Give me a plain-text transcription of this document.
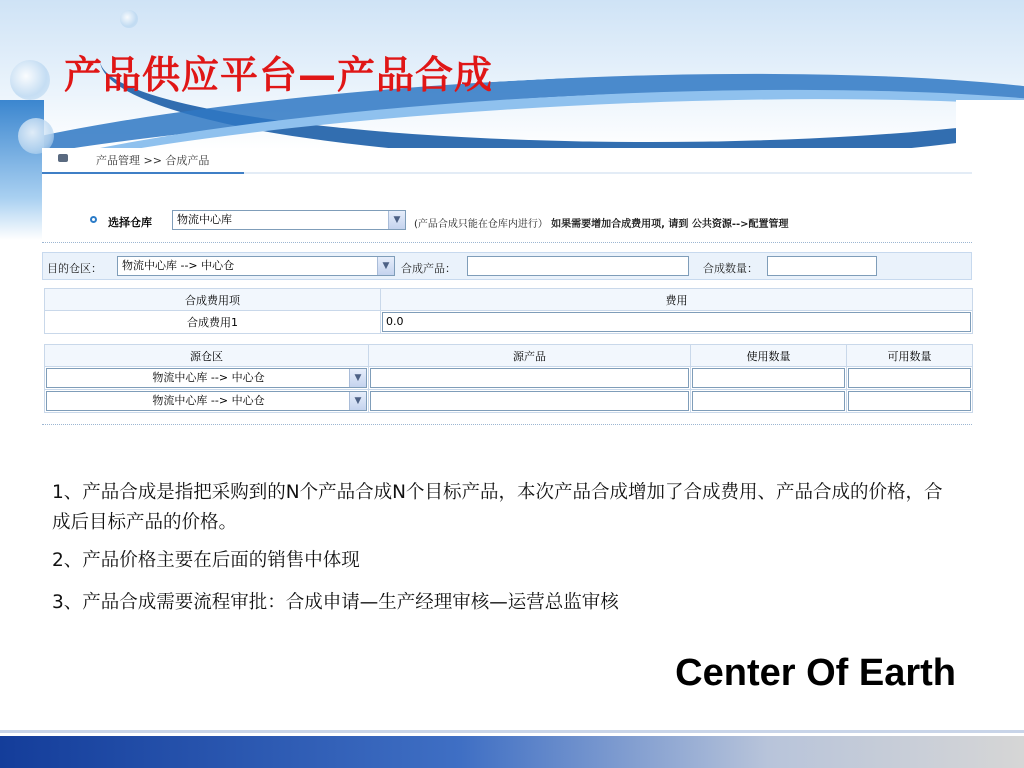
产品供应平台—产品合成
产品管理 >> 合成产品
选择仓库	物流中心库	▼	(产品合成只能在仓库内进行） 如果需要增加合成费用项, 请到 公共资源-->配置管理
目的仓区：	物流中心库 --> 中心仓	▼	合成产品：	合成数量：
合成费用项	费用
合成费用1	0.0
源仓区	源产品	使用数量	可用数量

物流中心库 --> 中心仓 ▼			

物流中心库 --> 中心仓 ▼			

1、产品合成是指把采购到的N个产品合成N个目标产品，本次产品合成增加了合成费用、产品合成的价格，合成后目标产品的价格。

2、产品价格主要在后面的销售中体现

3、产品合成需要流程审批：合成申请—生产经理审核—运营总监审核

Center Of Earth
